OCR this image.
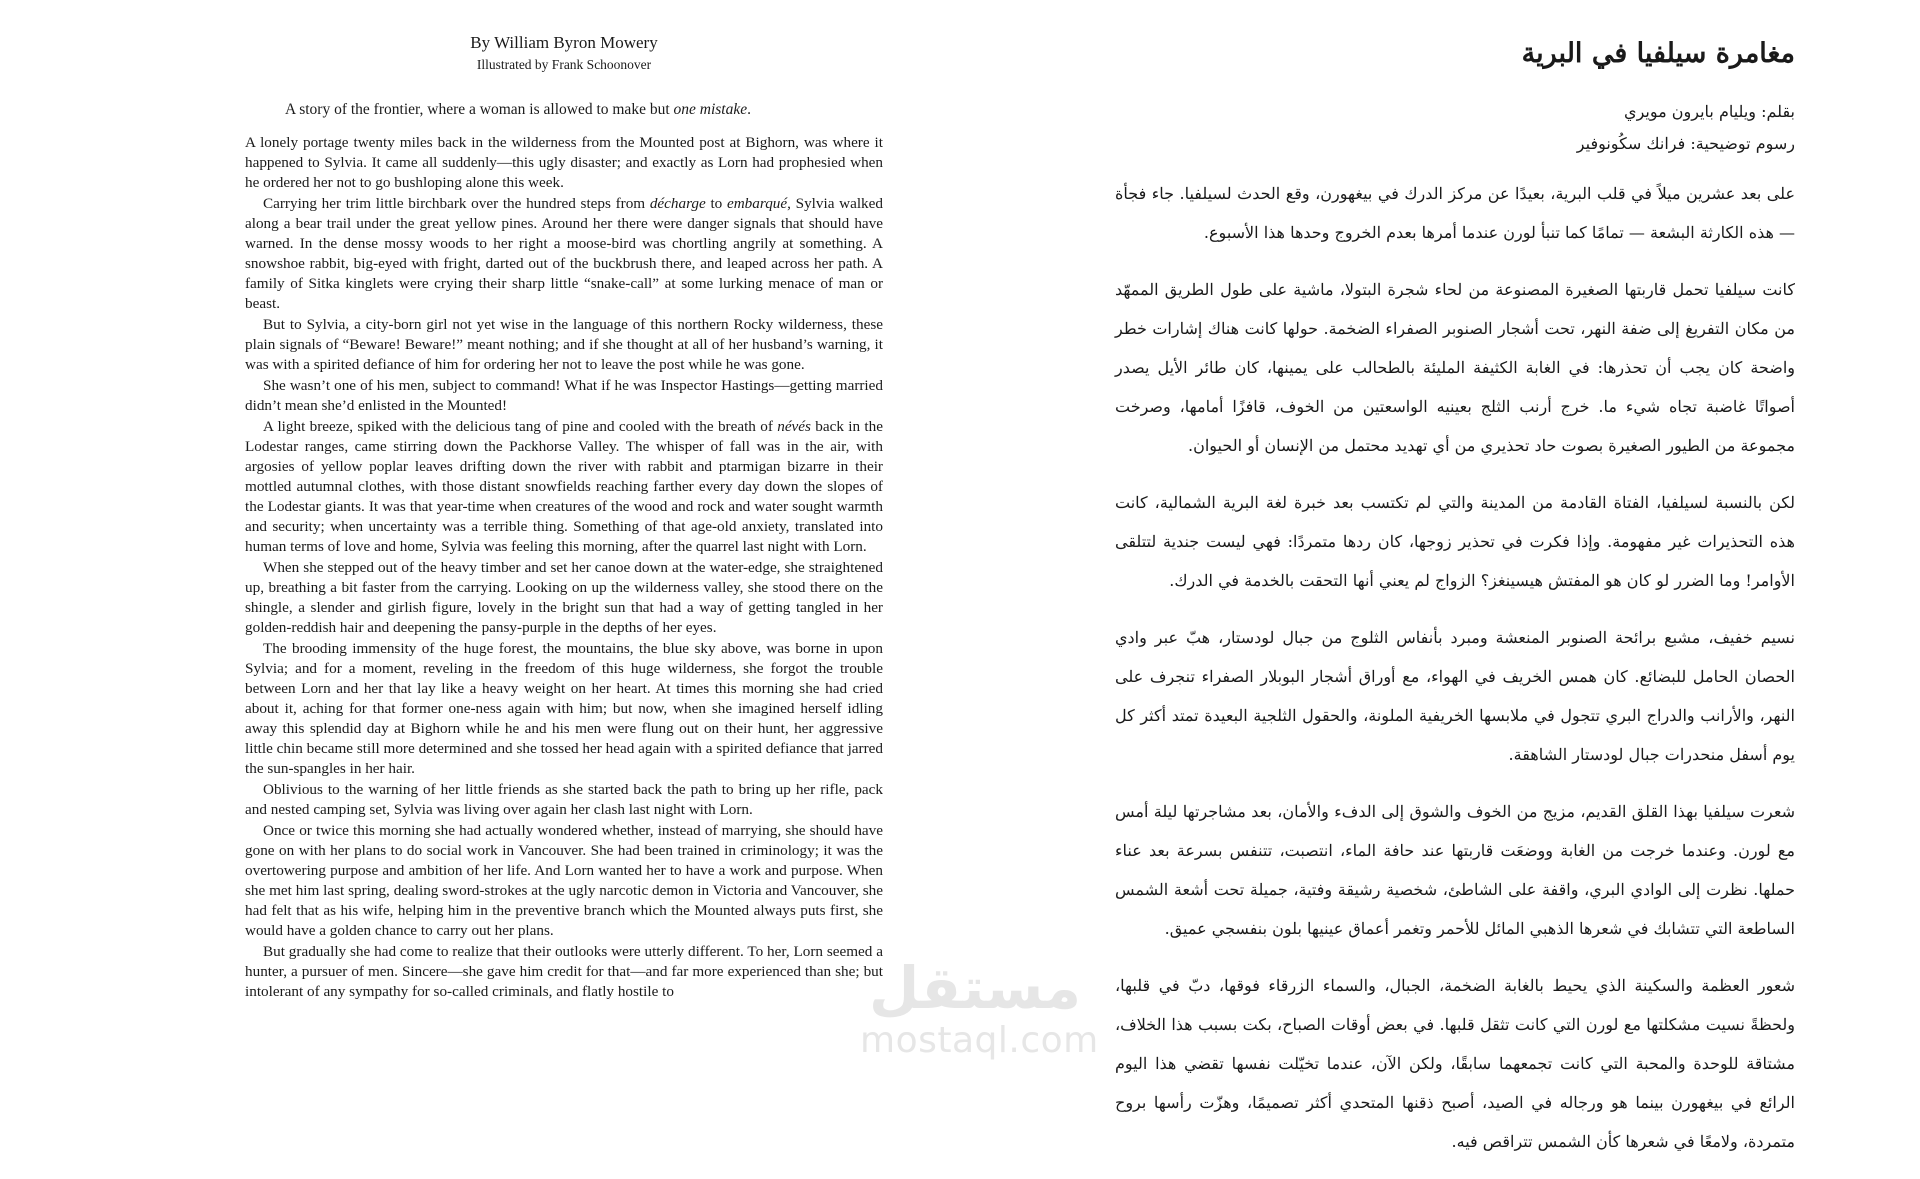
By William Byron Mowery
Illustrated by Frank Schoonover
A story of the frontier, where a woman is allowed to make but one mistake.

A lonely portage twenty miles back in the wilderness from the Mounted post at Bighorn, was where it happened to Sylvia. It came all suddenly—this ugly disaster; and exactly as Lorn had prophesied when he ordered her not to go bushloping alone this week.

Carrying her trim little birchbark over the hundred steps from décharge to embarqué, Sylvia walked along a bear trail under the great yellow pines. Around her there were danger signals that should have warned. In the dense mossy woods to her right a moose-bird was chortling angrily at something. A snowshoe rabbit, big-eyed with fright, darted out of the buckbrush there, and leaped across her path. A family of Sitka kinglets were crying their sharp little “snake-call” at some lurking menace of man or beast.

But to Sylvia, a city-born girl not yet wise in the language of this northern Rocky wilderness, these plain signals of “Beware! Beware!” meant nothing; and if she thought at all of her husband’s warning, it was with a spirited defiance of him for ordering her not to leave the post while he was gone.

She wasn’t one of his men, subject to command! What if he was Inspector Hastings—getting married didn’t mean she’d enlisted in the Mounted!

A light breeze, spiked with the delicious tang of pine and cooled with the breath of névés back in the Lodestar ranges, came stirring down the Packhorse Valley. The whisper of fall was in the air, with argosies of yellow poplar leaves drifting down the river with rabbit and ptarmigan bizarre in their mottled autumnal clothes, with those distant snowfields reaching farther every day down the slopes of the Lodestar giants. It was that year-time when creatures of the wood and rock and water sought warmth and security; when uncertainty was a terrible thing. Something of that age-old anxiety, translated into human terms of love and home, Sylvia was feeling this morning, after the quarrel last night with Lorn.

When she stepped out of the heavy timber and set her canoe down at the water-edge, she straightened up, breathing a bit faster from the carrying. Looking on up the wilderness valley, she stood there on the shingle, a slender and girlish figure, lovely in the bright sun that had a way of getting tangled in her golden-reddish hair and deepening the pansy-purple in the depths of her eyes.

The brooding immensity of the huge forest, the mountains, the blue sky above, was borne in upon Sylvia; and for a moment, reveling in the freedom of this huge wilderness, she forgot the trouble between Lorn and her that lay like a heavy weight on her heart. At times this morning she had cried about it, aching for that former one-ness again with him; but now, when she imagined herself idling away this splendid day at Bighorn while he and his men were flung out on their hunt, her aggressive little chin became still more determined and she tossed her head again with a spirited defiance that jarred the sun-spangles in her hair.

Oblivious to the warning of her little friends as she started back the path to bring up her rifle, pack and nested camping set, Sylvia was living over again her clash last night with Lorn.

Once or twice this morning she had actually wondered whether, instead of marrying, she should have gone on with her plans to do social work in Vancouver. She had been trained in criminology; it was the overtowering purpose and ambition of her life. And Lorn wanted her to have a work and purpose. When she met him last spring, dealing sword-strokes at the ugly narcotic demon in Victoria and Vancouver, she had felt that as his wife, helping him in the preventive branch which the Mounted always puts first, she would have a golden chance to carry out her plans.

But gradually she had come to realize that their outlooks were utterly different. To her, Lorn seemed a hunter, a pursuer of men. Sincere—she gave him credit for that—and far more experienced than she; but intolerant of any sympathy for so-called criminals, and flatly hostile to

مغامرة سيلفيا في البرية
بقلم: ويليام بايرون مويري
رسوم توضيحية: فرانك سكُونوفير

على بعد عشرين ميلاً في قلب البرية، بعيدًا عن مركز الدرك في بيغهورن، وقع الحدث لسيلفيا. جاء فجأة — هذه الكارثة البشعة — تمامًا كما تنبأ لورن عندما أمرها بعدم الخروج وحدها هذا الأسبوع.

كانت سيلفيا تحمل قاربتها الصغيرة المصنوعة من لحاء شجرة البتولا، ماشية على طول الطريق الممهّد من مكان التفريغ إلى ضفة النهر، تحت أشجار الصنوبر الصفراء الضخمة. حولها كانت هناك إشارات خطر واضحة كان يجب أن تحذرها: في الغابة الكثيفة المليئة بالطحالب على يمينها، كان طائر الأيل يصدر أصواتًا غاضبة تجاه شيء ما. خرج أرنب الثلج بعينيه الواسعتين من الخوف، قافزًا أمامها، وصرخت مجموعة من الطيور الصغيرة بصوت حاد تحذيري من أي تهديد محتمل من الإنسان أو الحيوان.

لكن بالنسبة لسيلفيا، الفتاة القادمة من المدينة والتي لم تكتسب بعد خبرة لغة البرية الشمالية، كانت هذه التحذيرات غير مفهومة. وإذا فكرت في تحذير زوجها، كان ردها متمردًا: فهي ليست جندية لتتلقى الأوامر! وما الضرر لو كان هو المفتش هيسينغز؟ الزواج لم يعني أنها التحقت بالخدمة في الدرك.

نسيم خفيف، مشبع برائحة الصنوبر المنعشة ومبرد بأنفاس الثلوج من جبال لودستار، هبّ عبر وادي الحصان الحامل للبضائع. كان همس الخريف في الهواء، مع أوراق أشجار البوبلار الصفراء تنجرف على النهر، والأرانب والدراج البري تتجول في ملابسها الخريفية الملونة، والحقول الثلجية البعيدة تمتد أكثر كل يوم أسفل منحدرات جبال لودستار الشاهقة.

شعرت سيلفيا بهذا القلق القديم، مزيج من الخوف والشوق إلى الدفء والأمان، بعد مشاجرتها ليلة أمس مع لورن. وعندما خرجت من الغابة ووضعَت قاربتها عند حافة الماء، انتصبت، تتنفس بسرعة بعد عناء حملها. نظرت إلى الوادي البري، واقفة على الشاطئ، شخصية رشيقة وفتية، جميلة تحت أشعة الشمس الساطعة التي تتشابك في شعرها الذهبي المائل للأحمر وتغمر أعماق عينيها بلون بنفسجي عميق.

شعور العظمة والسكينة الذي يحيط بالغابة الضخمة، الجبال، والسماء الزرقاء فوقها، دبّ في قلبها، ولحظةً نسيت مشكلتها مع لورن التي كانت تثقل قلبها. في بعض أوقات الصباح، بكت بسبب هذا الخلاف، مشتاقة للوحدة والمحبة التي كانت تجمعهما سابقًا، ولكن الآن، عندما تخيّلت نفسها تقضي هذا اليوم الرائع في بيغهورن بينما هو ورجاله في الصيد، أصبح ذقنها المتحدي أكثر تصميمًا، وهزّت رأسها بروح متمردة، ولامعًا في شعرها كأن الشمس تتراقص فيه.

مستقل
mostaql.com
